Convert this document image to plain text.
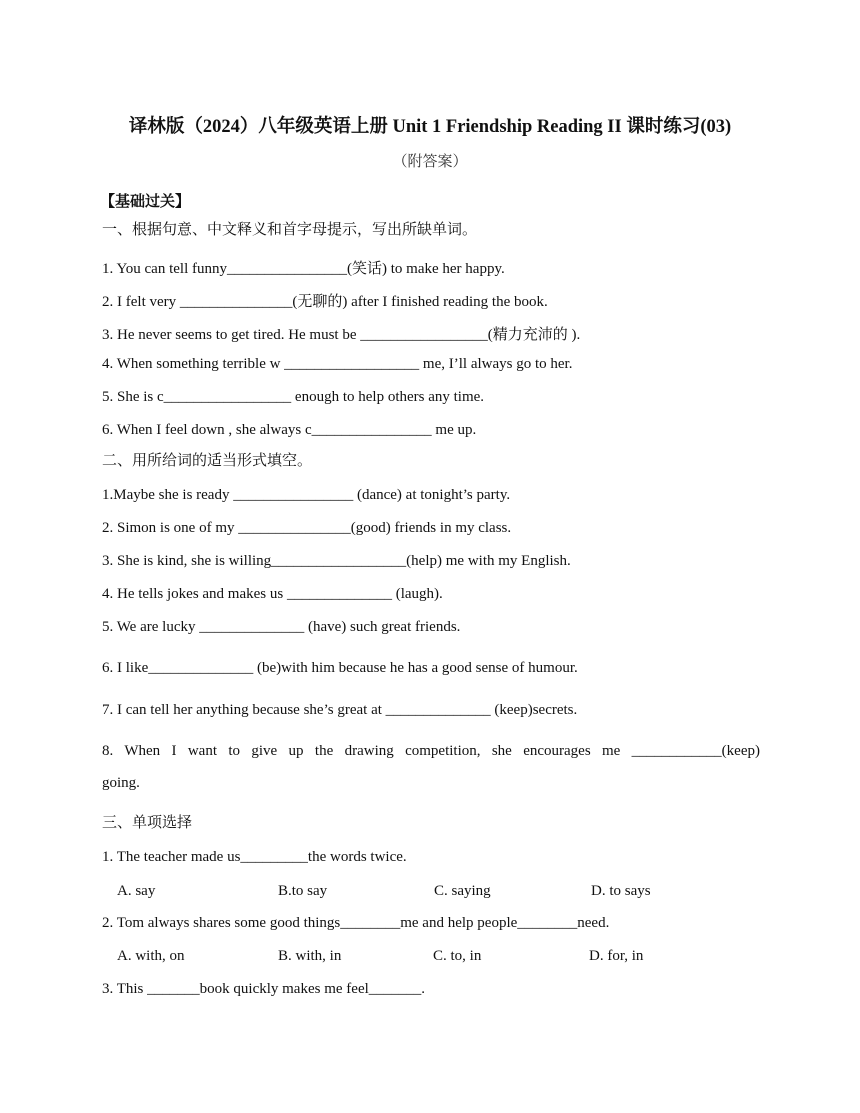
译林版（2024）八年级英语上册 Unit 1 Friendship Reading II 课时练习(03)
（附答案）
【基础过关】
一、根据句意、中文释义和首字母提示，写出所缺单词。
1. You can tell funny________________(笑话) to make her happy.
2. I felt very _______________(无聊的) after I finished reading the book.
3. He never seems to get tired. He must be _________________(精力充沛的 ).
4. When something terrible w __________________ me, I’ll always go to her.
5. She is c_________________ enough to help others any time.
6. When I feel down , she always c________________ me up.
二、用所给词的适当形式填空。
1.Maybe she is ready ________________ (dance) at tonight’s party.
2. Simon is one of my _______________(good) friends in my class.
3. She is kind, she is willing__________________(help) me with my English.
4. He tells jokes and makes us ______________ (laugh).
5. We are lucky ______________ (have) such great friends.
6. I like______________ (be)with him because he has a good sense of humour.
7. I can tell her anything because she’s great at ______________ (keep)secrets.
8. When I want to give up the drawing competition, she encourages me ____________(keep)
going.
三、单项选择
1. The teacher made us_________the words twice.
A. say	B.to say	C. saying	D. to says
2. Tom always shares some good things________me and help people________need.
A. with, on	B. with, in	C. to, in	D. for, in
3. This _______book quickly makes me feel_______.
